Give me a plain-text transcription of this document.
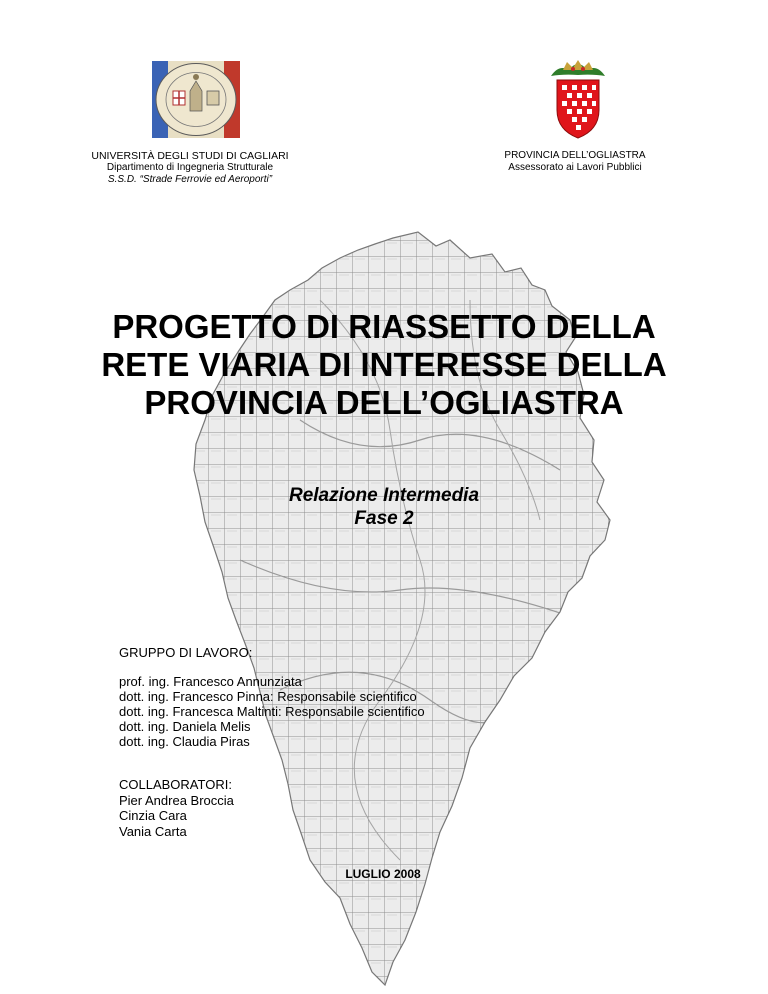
UNIVERSITÀ DEGLI STUDI DI CAGLIARI
Dipartimento di Ingegneria Strutturale
S.S.D. “Strade Ferrovie ed Aeroporti”
PROVINCIA DELL’OGLIASTRA
Assessorato ai Lavori Pubblici
PROGETTO DI RIASSETTO DELLA
RETE VIARIA DI INTERESSE DELLA
PROVINCIA DELL’OGLIASTRA
Relazione Intermedia
Fase 2
GRUPPO DI LAVORO:
prof. ing. Francesco Annunziata
dott. ing. Francesco Pinna: Responsabile scientifico
dott. ing. Francesca Maltinti: Responsabile scientifico
dott. ing. Daniela Melis
dott. ing. Claudia Piras
COLLABORATORI:
Pier Andrea Broccia
Cinzia Cara
Vania Carta
LUGLIO 2008
